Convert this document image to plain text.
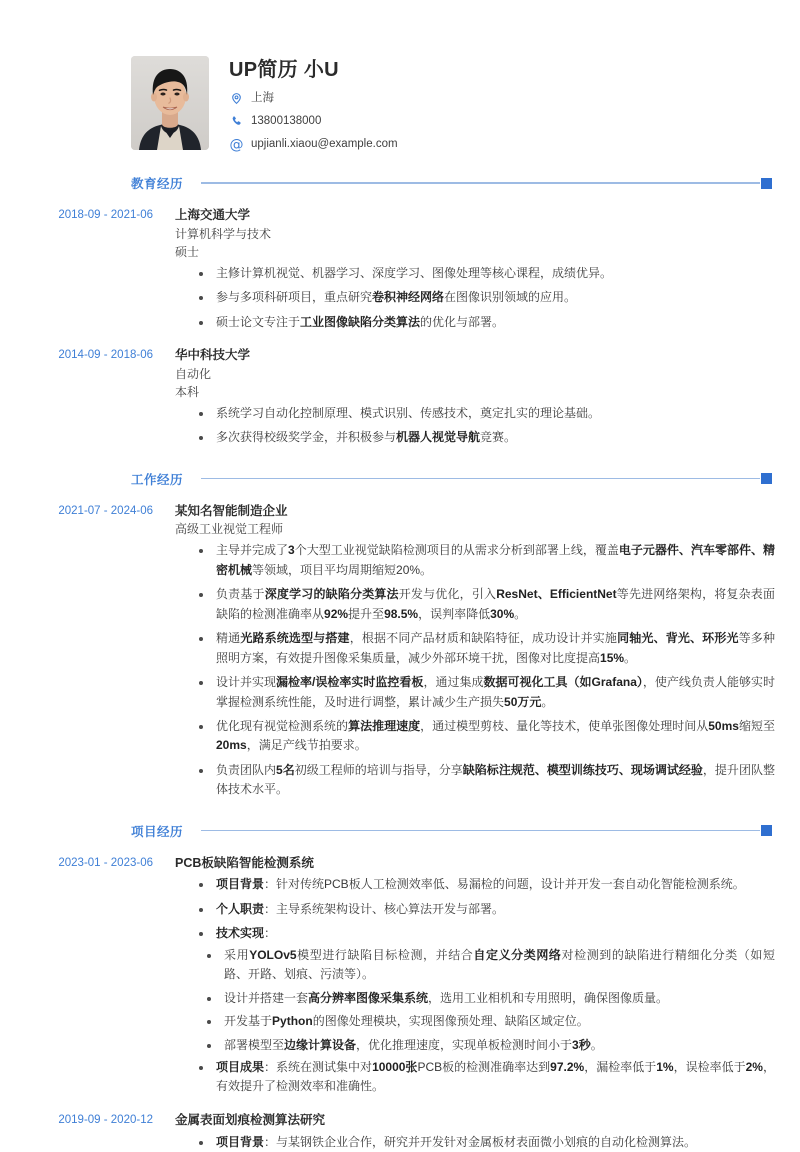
UP简历 小U
上海
13800138000
@ upjianli.xiaou@example.com
教育经历
2018-09 - 2021-06	上海交通大学
计算机科学与技术
硕士
主修计算机视觉、机器学习、深度学习、图像处理等核心课程，成绩优异。
参与多项科研项目，重点研究卷积神经网络在图像识别领域的应用。
硕士论文专注于工业图像缺陷分类算法的优化与部署。
2014-09 - 2018-06	华中科技大学
自动化
本科
系统学习自动化控制原理、模式识别、传感技术，奠定扎实的理论基础。
多次获得校级奖学金，并积极参与机器人视觉导航竞赛。
工作经历
2021-07 - 2024-06	某知名智能制造企业
高级工业视觉工程师
主导并完成了3个大型工业视觉缺陷检测项目的从需求分析到部署上线，覆盖电子元器件、汽车零部件、精密机械等领域，项目平均周期缩短20%。
负责基于深度学习的缺陷分类算法开发与优化，引入ResNet、EfficientNet等先进网络架构，将复杂表面缺陷的检测准确率从92%提升至98.5%，误判率降低30%。
精通光路系统选型与搭建，根据不同产品材质和缺陷特征，成功设计并实施同轴光、背光、环形光等多种照明方案，有效提升图像采集质量，减少外部环境干扰，图像对比度提高15%。
设计并实现漏检率/误检率实时监控看板，通过集成数据可视化工具（如Grafana），使产线负责人能够实时掌握检测系统性能，及时进行调整，累计减少生产损失50万元。
优化现有视觉检测系统的算法推理速度，通过模型剪枝、量化等技术，使单张图像处理时间从50ms缩短至20ms，满足产线节拍要求。
负责团队内5名初级工程师的培训与指导，分享缺陷标注规范、模型训练技巧、现场调试经验，提升团队整体技术水平。
项目经历
2023-01 - 2023-06	PCB板缺陷智能检测系统
项目背景：针对传统PCB板人工检测效率低、易漏检的问题，设计并开发一套自动化智能检测系统。
个人职责：主导系统架构设计、核心算法开发与部署。
技术实现：
采用YOLOv5模型进行缺陷目标检测，并结合自定义分类网络对检测到的缺陷进行精细化分类（如短路、开路、划痕、污渍等）。
设计并搭建一套高分辨率图像采集系统，选用工业相机和专用照明，确保图像质量。
开发基于Python的图像处理模块，实现图像预处理、缺陷区域定位。
部署模型至边缘计算设备，优化推理速度，实现单板检测时间小于3秒。
项目成果：系统在测试集中对10000张PCB板的检测准确率达到97.2%，漏检率低于1%，误检率低于2%，有效提升了检测效率和准确性。
2019-09 - 2020-12	金属表面划痕检测算法研究
项目背景：与某钢铁企业合作，研究并开发针对金属板材表面微小划痕的自动化检测算法。
